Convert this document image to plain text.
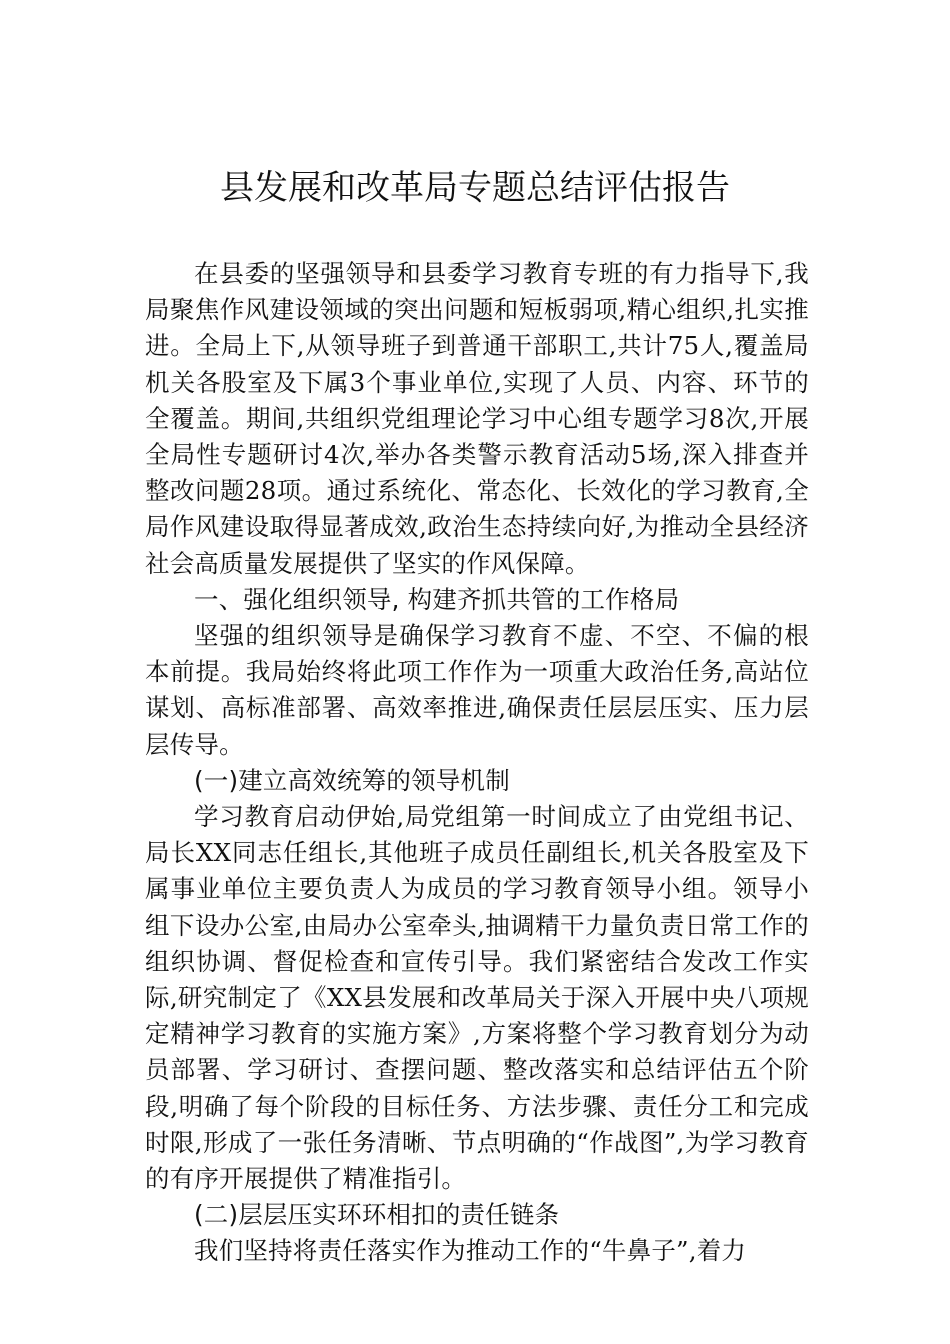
县发展和改革局专题总结评估报告

在县委的坚强领导和县委学习教育专班的有力指导下,我局聚焦作风建设领域的突出问题和短板弱项,精心组织,扎实推进。全局上下,从领导班子到普通干部职工,共计75人,覆盖局机关各股室及下属3个事业单位,实现了人员、内容、环节的全覆盖。期间,共组织党组理论学习中心组专题学习8次,开展全局性专题研讨4次,举办各类警示教育活动5场,深入排查并整改问题28项。通过系统化、常态化、长效化的学习教育,全局作风建设取得显著成效,政治生态持续向好,为推动全县经济社会高质量发展提供了坚实的作风保障。

一、强化组织领导, 构建齐抓共管的工作格局

坚强的组织领导是确保学习教育不虚、不空、不偏的根本前提。我局始终将此项工作作为一项重大政治任务,高站位谋划、高标准部署、高效率推进,确保责任层层压实、压力层层传导。

(一)建立高效统筹的领导机制

学习教育启动伊始,局党组第一时间成立了由党组书记、局长XX同志任组长,其他班子成员任副组长,机关各股室及下属事业单位主要负责人为成员的学习教育领导小组。领导小组下设办公室,由局办公室牵头,抽调精干力量负责日常工作的组织协调、督促检查和宣传引导。我们紧密结合发改工作实际,研究制定了《XX县发展和改革局关于深入开展中央八项规定精神学习教育的实施方案》,方案将整个学习教育划分为动员部署、学习研讨、查摆问题、整改落实和总结评估五个阶段,明确了每个阶段的目标任务、方法步骤、责任分工和完成时限,形成了一张任务清晰、节点明确的“作战图”,为学习教育的有序开展提供了精准指引。

(二)层层压实环环相扣的责任链条

我们坚持将责任落实作为推动工作的“牛鼻子”,着力
